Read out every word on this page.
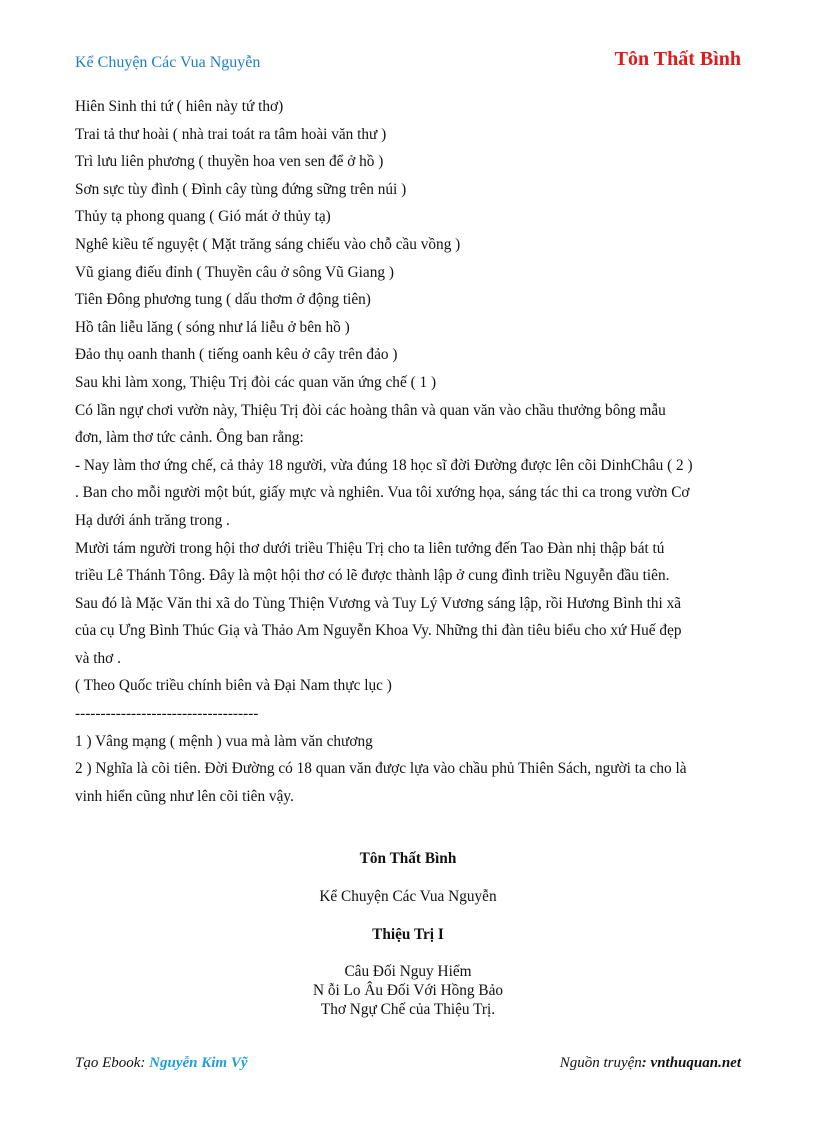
Kể Chuyện Các Vua Nguyễn	Tôn Thất Bình

Hiên Sinh thi tứ ( hiên này tứ thơ)

Trai tả thư hoài ( nhà trai toát ra tâm hoài văn thư )

Trì lưu liên phương ( thuyền hoa ven sen để ở hồ )

Sơn sực tùy đình ( Đình cây tùng đứng sững trên núi )

Thủy tạ phong quang ( Gió mát ở thủy tạ)

Nghê kiều tế nguyệt ( Mặt trăng sáng chiếu vào chỗ cầu vồng )

Vũ giang điếu đỉnh ( Thuyền câu ở sông Vũ Giang )

Tiên Đông phương tung ( dấu thơm ở động tiên)

Hồ tân liễu lăng ( sóng như lá liễu ở bên hồ )

Đảo thụ oanh thanh ( tiếng oanh kêu ở cây trên đảo )

Sau khi làm xong, Thiệu Trị đòi các quan văn ứng chế ( 1 )

Có lần ngự chơi vườn này, Thiệu Trị đòi các hoàng thân và quan văn vào chầu thưởng bông mẫu

đơn, làm thơ tức cảnh. Ông ban rằng:

- Nay làm thơ ứng chế, cả thảy 18 người, vừa đúng 18 học sĩ đời Đường được lên cõi DinhChâu ( 2 )

. Ban cho mỗi người một bút, giấy mực và nghiên. Vua tôi xướng họa, sáng tác thi ca trong vườn Cơ

Hạ dưới ánh trăng trong .

Mười tám người trong hội thơ dưới triều Thiệu Trị cho ta liên tưởng đến Tao Đàn nhị thập bát tú

triều Lê Thánh Tông. Đây là một hội thơ có lẽ được thành lập ở cung đình triều Nguyễn đầu tiên.

Sau đó là Mặc Văn thi xã do Tùng Thiện Vương và Tuy Lý Vương sáng lập, rồi Hương Bình thi xã

của cụ Ưng Bình Thúc Giạ và Thảo Am Nguyễn Khoa Vy. Những thi đàn tiêu biểu cho xứ Huế đẹp

và thơ .

( Theo Quốc triều chính biên và Đại Nam thực lục )

------------------------------------

1 ) Vâng mạng ( mệnh ) vua mà làm văn chương

2 ) Nghĩa là cõi tiên. Đời Đường có 18 quan văn được lựa vào chầu phủ Thiên Sách, người ta cho là

vinh hiển cũng như lên cõi tiên vậy.

Tôn Thất Bình
Kể Chuyện Các Vua Nguyễn
Thiệu Trị I
Câu Đối Nguy Hiểm
N ỗi Lo Âu Đối Với Hồng Bảo
Thơ Ngự Chế của Thiệu Trị.
Tạo Ebook: Nguyễn Kim Vỹ	Nguồn truyện: vnthuquan.net
